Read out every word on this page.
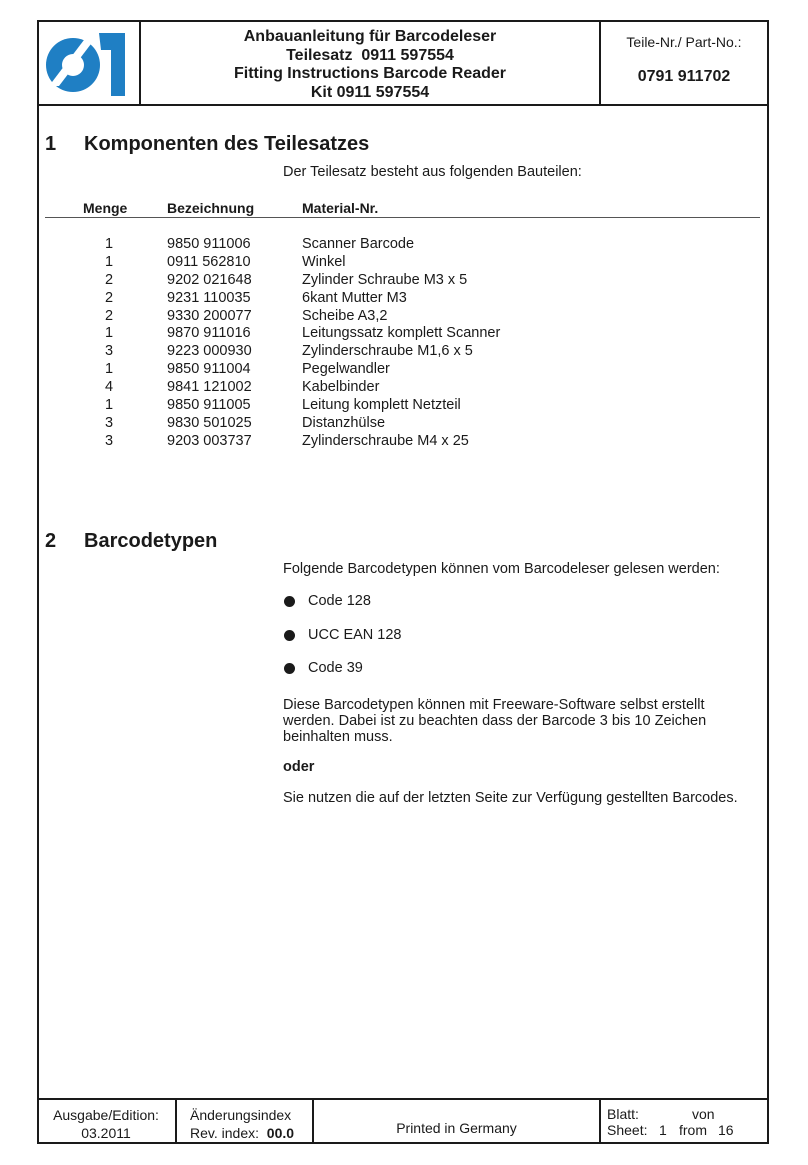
Anbauanleitung für Barcodeleser
Teilesatz  0911 597554
Fitting Instructions Barcode Reader
Kit 0911 597554
Teile-Nr./ Part-No.:
0791 911702
1 Komponenten des Teilesatzes
Der Teilesatz besteht aus folgenden Bauteilen:
Menge	Bezeichnung	Material-Nr.
1	9850 911006	Scanner Barcode
1	0911 562810	Winkel
2	9202 021648	Zylinder Schraube M3 x 5
2	9231 110035	6kant Mutter M3
2	9330 200077	Scheibe A3,2
1	9870 911016	Leitungssatz komplett Scanner
3	9223 000930	Zylinderschraube M1,6 x 5
1	9850 911004	Pegelwandler
4	9841 121002	Kabelbinder
1	9850 911005	Leitung komplett Netzteil
3	9830 501025	Distanzhülse
3	9203 003737	Zylinderschraube M4 x 25
2 Barcodetypen
Folgende Barcodetypen können vom Barcodeleser gelesen werden:
Code 128
UCC EAN 128
Code 39
Diese Barcodetypen können mit Freeware-Software selbst erstellt werden. Dabei ist zu beachten dass der Barcode 3 bis 10 Zeichen beinhalten muss.
oder
Sie nutzen die auf der letzten Seite zur Verfügung gestellten Barcodes.
Ausgabe/Edition:
03.2011
Änderungsindex
Rev. index: 00.0	Printed in Germany
Blatt:	von
Sheet: 1 from 16
